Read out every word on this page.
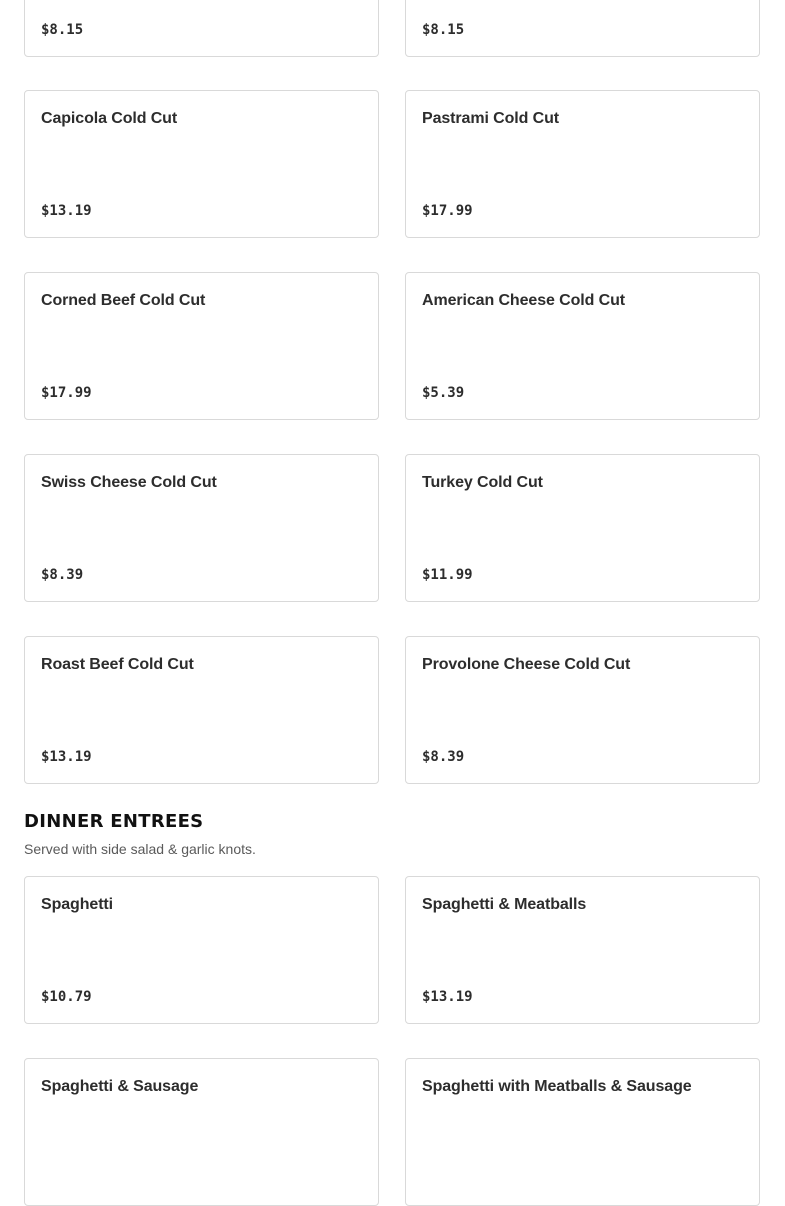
$8.15	$8.15
Capicola Cold Cut
$13.19
Pastrami Cold Cut
$17.99
Corned Beef Cold Cut
$17.99
American Cheese Cold Cut
$5.39
Swiss Cheese Cold Cut
$8.39
Turkey Cold Cut
$11.99
Roast Beef Cold Cut
$13.19
Provolone Cheese Cold Cut
$8.39
DINNER ENTREES

Served with side salad & garlic knots.

Spaghetti
$10.79
Spaghetti & Meatballs
$13.19
Spaghetti & Sausage	Spaghetti with Meatballs & Sausage
